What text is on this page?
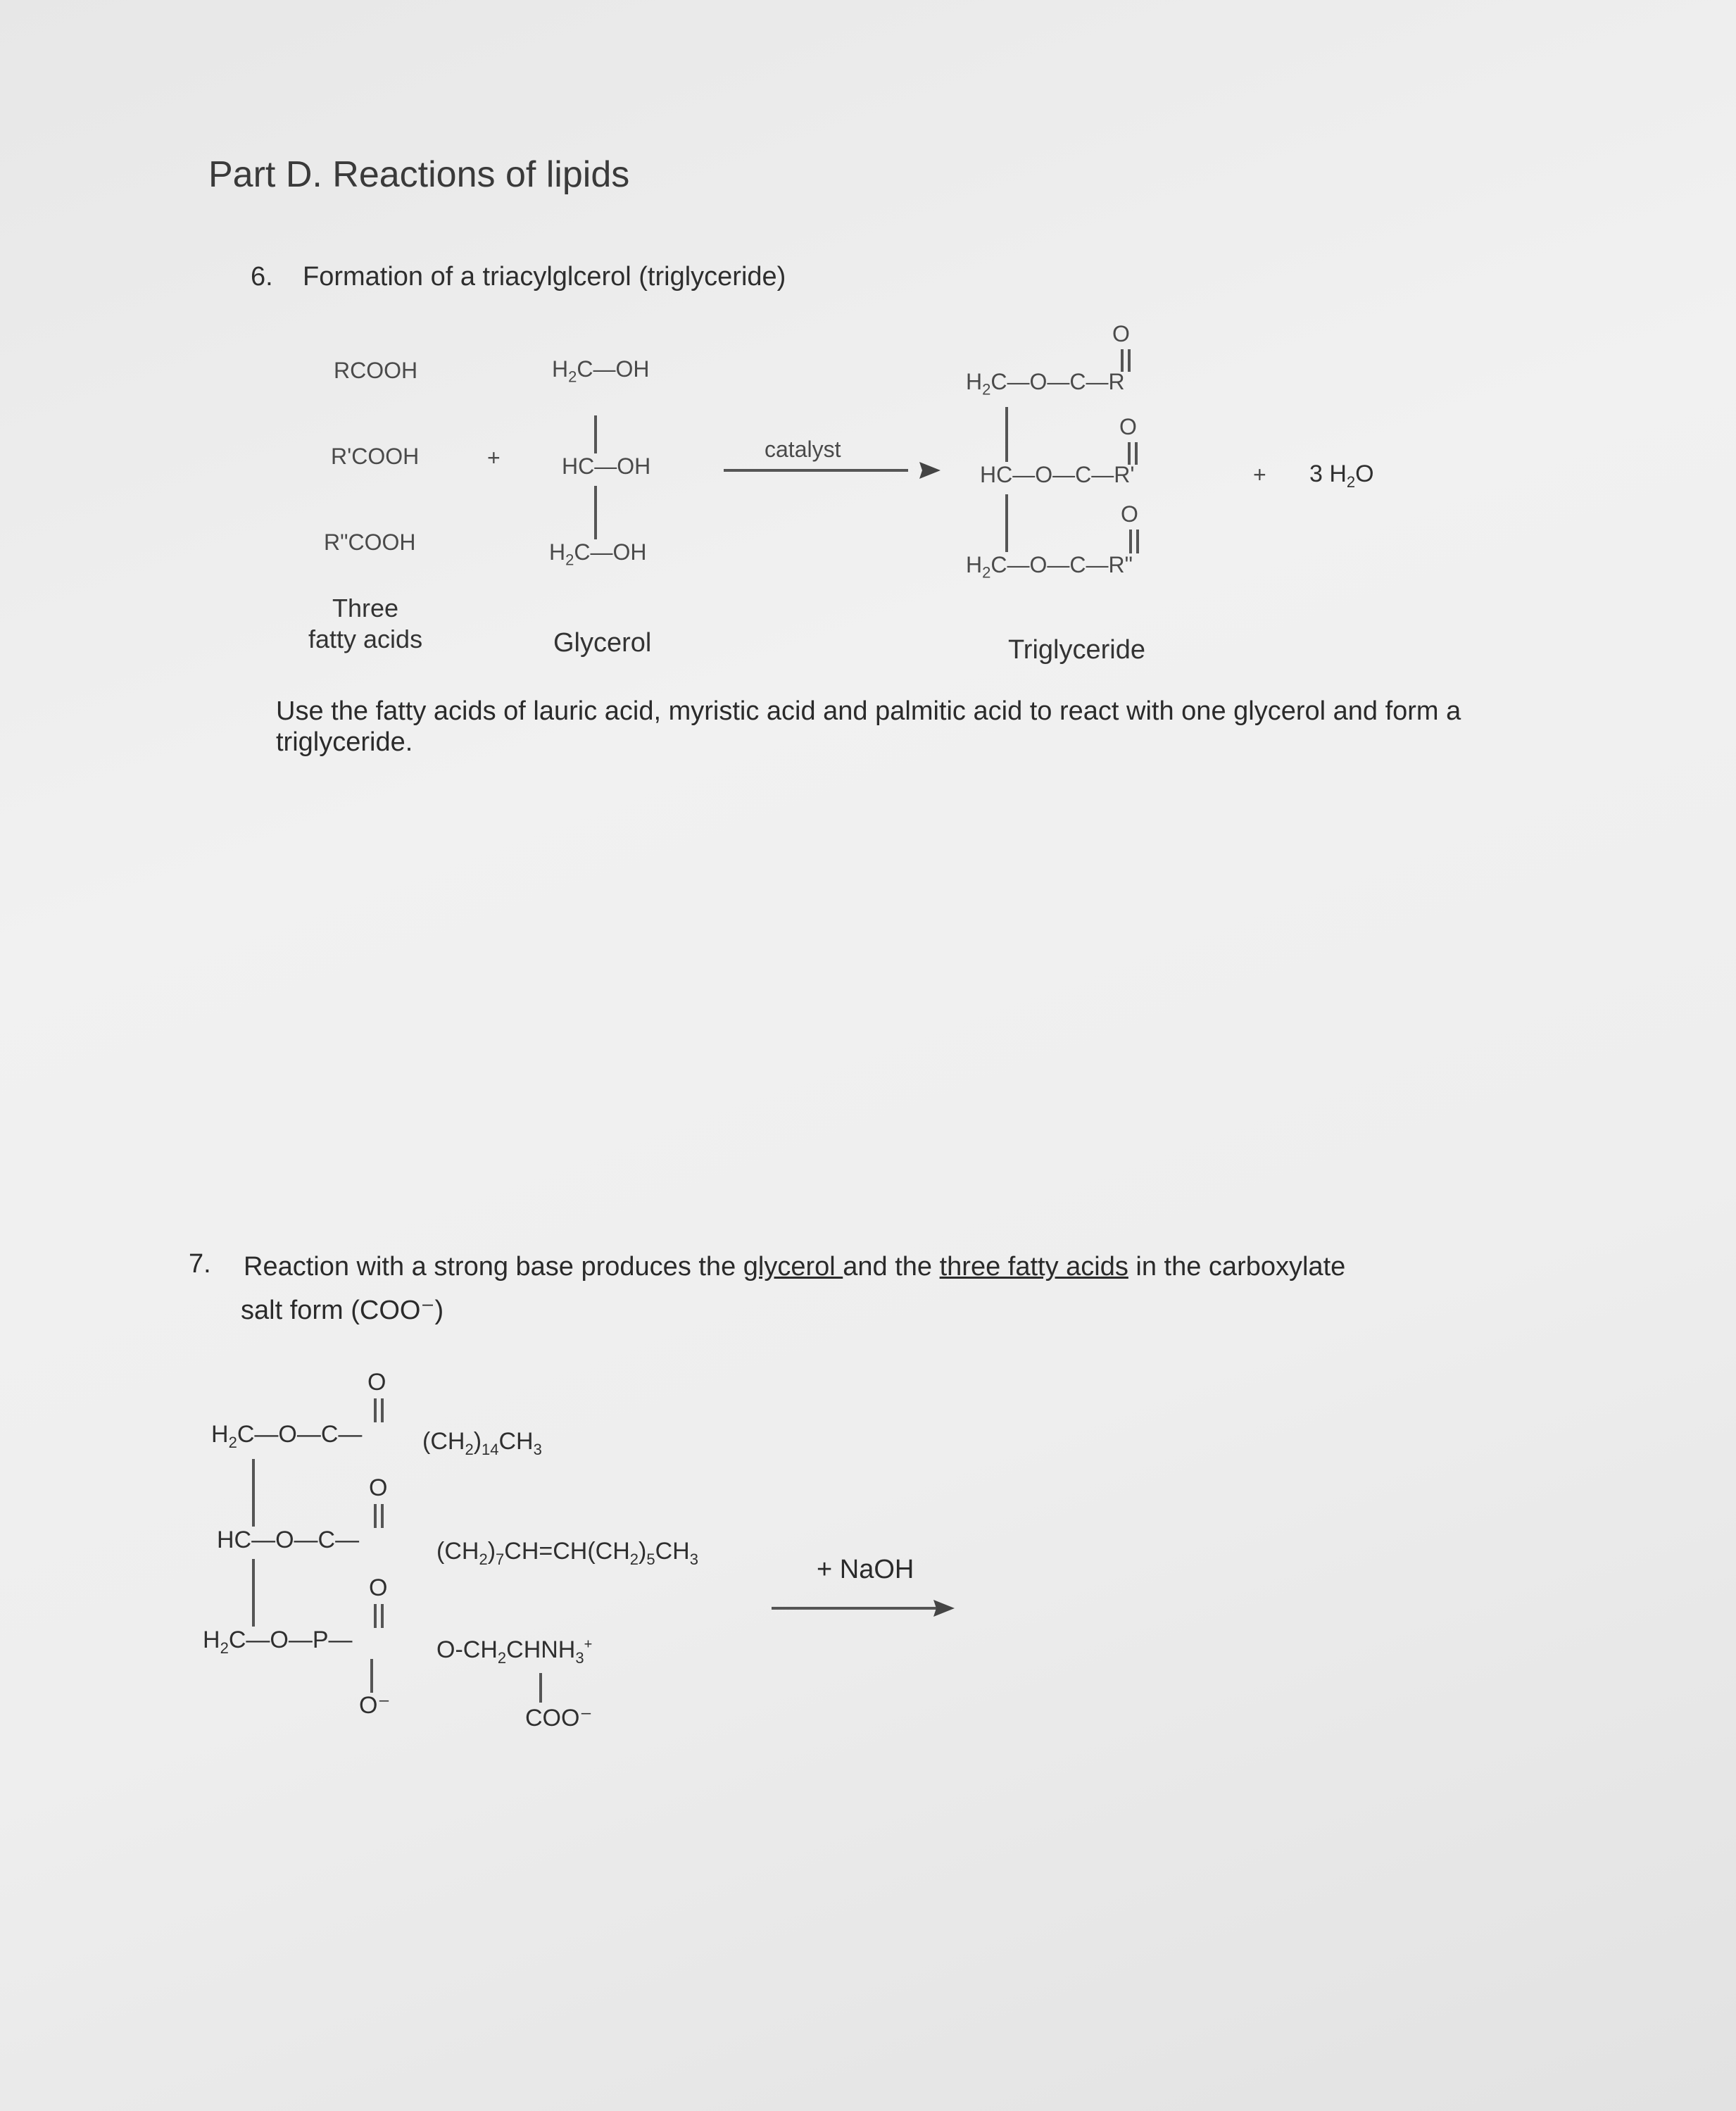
Part D. Reactions of lipids
6. Formation of a triacylglcerol (triglyceride)
RCOOH
R'COOH
R"COOH
+
$H_2C—OH$
HC—OH
$H_2C—OH$
catalyst
$H_2C—O—C—R$
HC—O—C—R'
$H_2C—O—C—R$"
O
O
O
+ 3 $H_2O$
Three
fatty acids	Glycerol	Triglyceride
Use the fatty acids of lauric acid, myristic acid and palmitic acid to react with one glycerol and form a triglyceride.
7. Reaction with a strong base produces the glycerol and the three fatty acids in the carboxylate
salt form (COO⁻)
O
$H_2C—O—C—$	$(CH_2)_{14}CH_3$
O
HC—O—C—	$(CH_2)_7CH=CH(CH_2)_5CH_3$
O
$H_2C—O—P—$	$O-CH_2CHNH_3^+$
COO⁻
O⁻
+ NaOH
